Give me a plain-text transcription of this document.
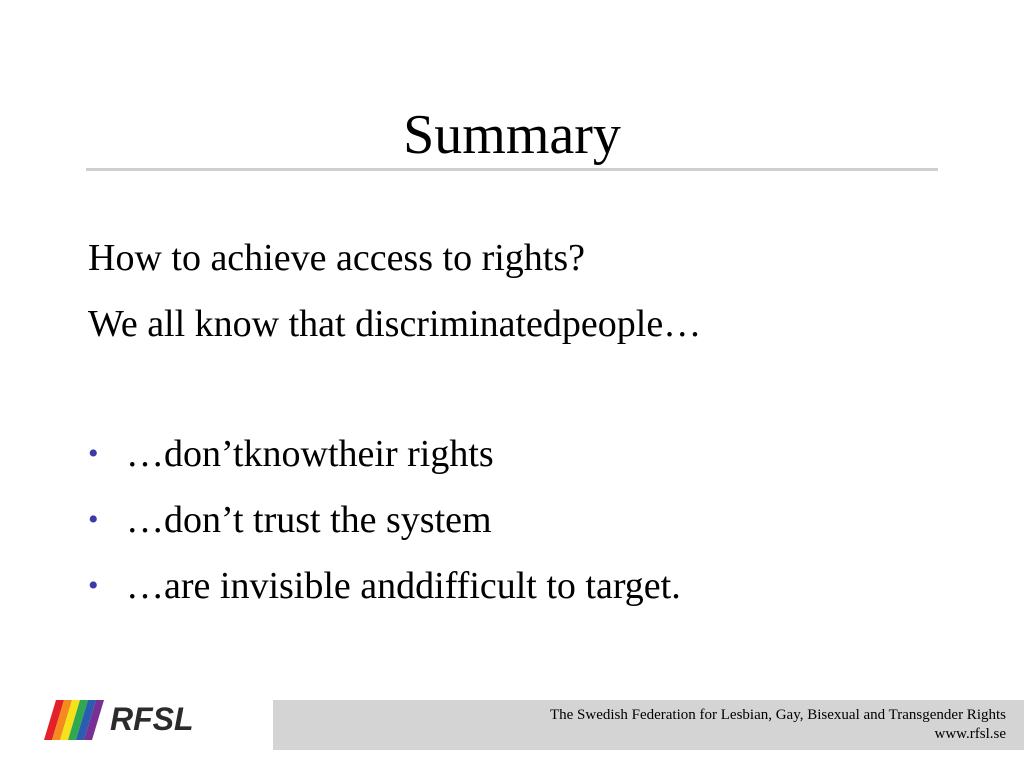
Summary
How to achieve access to rights?
We all know that discriminatedpeople…
• …don’tknowtheir rights
• …don’t trust the system
• …are invisible anddifficult to target.
RFSL	The Swedish Federation for Lesbian, Gay, Bisexual and Transgender Rights
www.rfsl.se
